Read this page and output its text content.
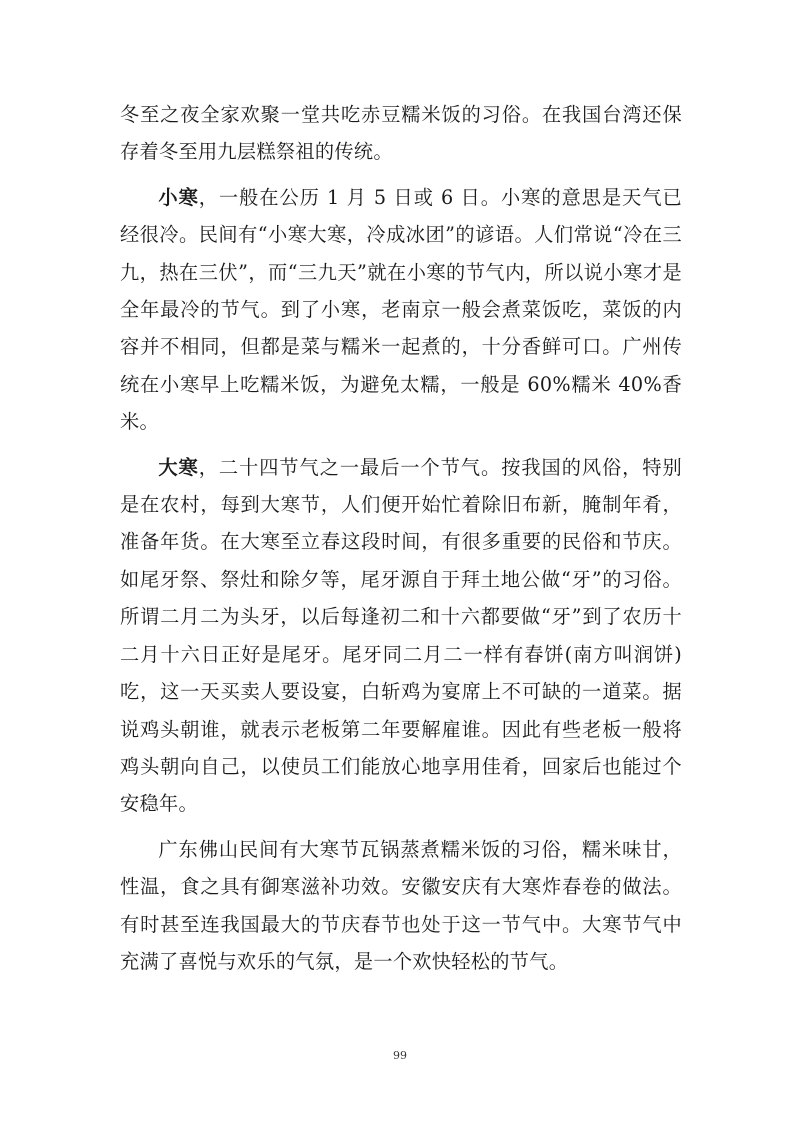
冬至之夜全家欢聚一堂共吃赤豆糯米饭的习俗。在我国台湾还保存着冬至用九层糕祭祖的传统。

小寒，一般在公历 1 月 5 日或 6 日。小寒的意思是天气已经很冷。民间有“小寒大寒，冷成冰团”的谚语。人们常说“冷在三九，热在三伏”，而“三九天”就在小寒的节气内，所以说小寒才是全年最冷的节气。到了小寒，老南京一般会煮菜饭吃，菜饭的内容并不相同，但都是菜与糯米一起煮的，十分香鲜可口。广州传统在小寒早上吃糯米饭，为避免太糯，一般是 60%糯米 40%香米。

大寒，二十四节气之一最后一个节气。按我国的风俗，特别是在农村，每到大寒节，人们便开始忙着除旧布新，腌制年肴，准备年货。在大寒至立春这段时间，有很多重要的民俗和节庆。如尾牙祭、祭灶和除夕等，尾牙源自于拜土地公做“牙”的习俗。所谓二月二为头牙，以后每逢初二和十六都要做“牙”到了农历十二月十六日正好是尾牙。尾牙同二月二一样有春饼(南方叫润饼)吃，这一天买卖人要设宴，白斩鸡为宴席上不可缺的一道菜。据说鸡头朝谁，就表示老板第二年要解雇谁。因此有些老板一般将鸡头朝向自己，以使员工们能放心地享用佳肴，回家后也能过个安稳年。

广东佛山民间有大寒节瓦锅蒸煮糯米饭的习俗，糯米味甘，性温，食之具有御寒滋补功效。安徽安庆有大寒炸春卷的做法。有时甚至连我国最大的节庆春节也处于这一节气中。大寒节气中充满了喜悦与欢乐的气氛，是一个欢快轻松的节气。

99
